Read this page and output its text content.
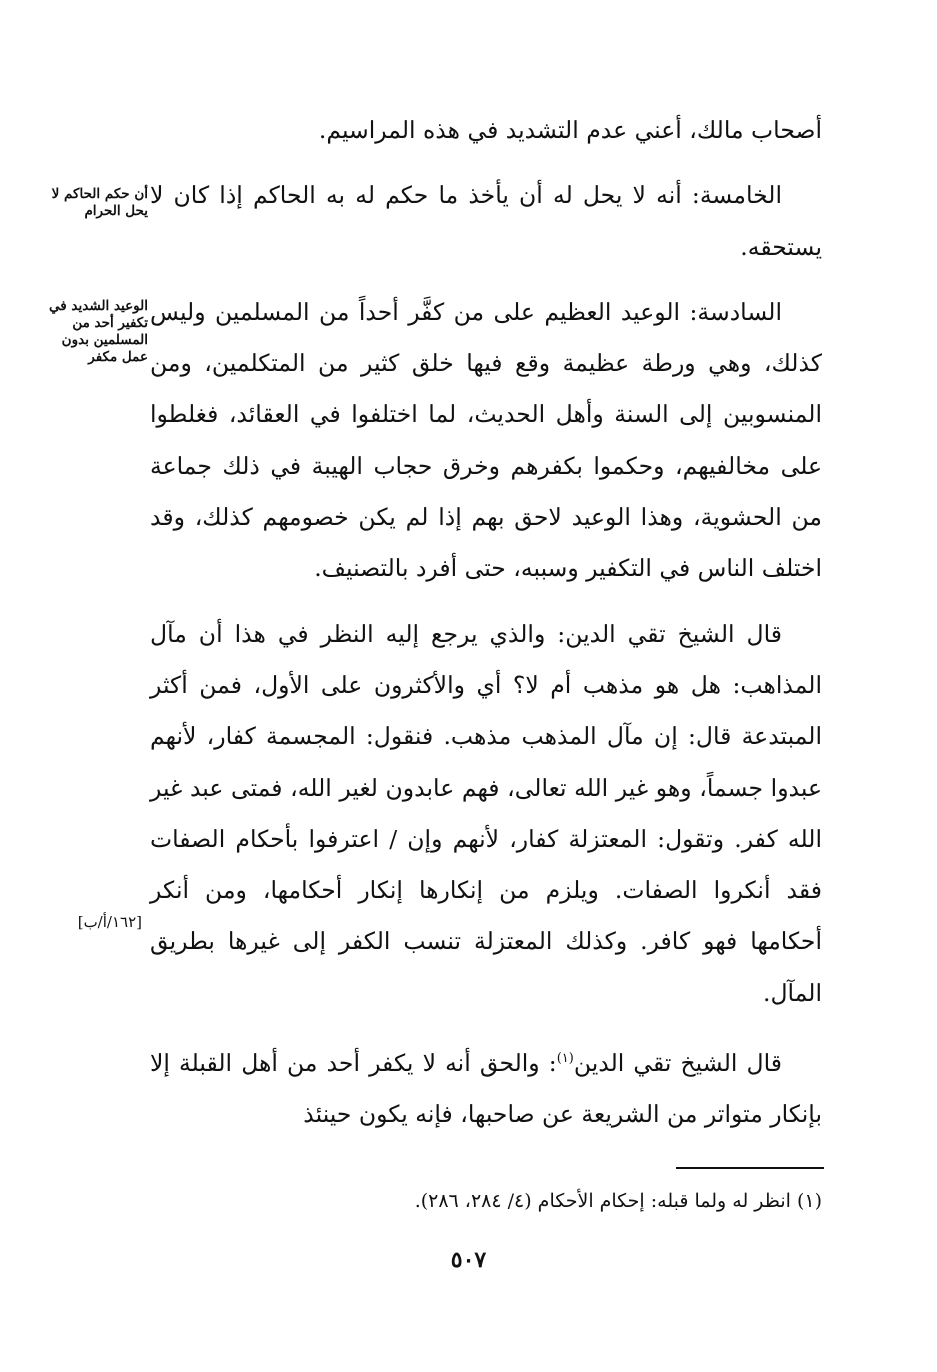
أصحاب مالك، أعني عدم التشديد في هذه المراسيم.

الخامسة: أنه لا يحل له أن يأخذ ما حكم له به الحاكم إذا كان لا يستحقه.

السادسة: الوعيد العظيم على من كفَّر أحداً من المسلمين وليس كذلك، وهي ورطة عظيمة وقع فيها خلق كثير من المتكلمين، ومن المنسوبين إلى السنة وأهل الحديث، لما اختلفوا في العقائد، فغلطوا على مخالفيهم، وحكموا بكفرهم وخرق حجاب الهيبة في ذلك جماعة من الحشوية، وهذا الوعيد لاحق بهم إذا لم يكن خصومهم كذلك، وقد اختلف الناس في التكفير وسببه، حتى أفرد بالتصنيف.

قال الشيخ تقي الدين: والذي يرجع إليه النظر في هذا أن مآل المذاهب: هل هو مذهب أم لا؟ أي والأكثرون على الأول، فمن أكثر المبتدعة قال: إن مآل المذهب مذهب. فنقول: المجسمة كفار، لأنهم عبدوا جسماً، وهو غير الله تعالى، فهم عابدون لغير الله، فمتى عبد غير الله كفر. وتقول: المعتزلة كفار، لأنهم وإن / اعترفوا بأحكام الصفات فقد أنكروا الصفات. ويلزم من إنكارها إنكار أحكامها، ومن أنكر أحكامها فهو كافر. وكذلك المعتزلة تنسب الكفر إلى غيرها بطريق المآل.

قال الشيخ تقي الدين$^{(١)}$: والحق أنه لا يكفر أحد من أهل القبلة إلا بإنكار متواتر من الشريعة عن صاحبها، فإنه يكون حينئذ

أن حكم الحاكم لا يحل الحرام
الوعيد الشديد في تكفير أحد من المسلمين بدون عمل مكفر
[١٦٢/أ/ب]
(١) انظر له ولما قبله: إحكام الأحكام (٤/ ٢٨٤، ٢٨٦).
٥٠٧
